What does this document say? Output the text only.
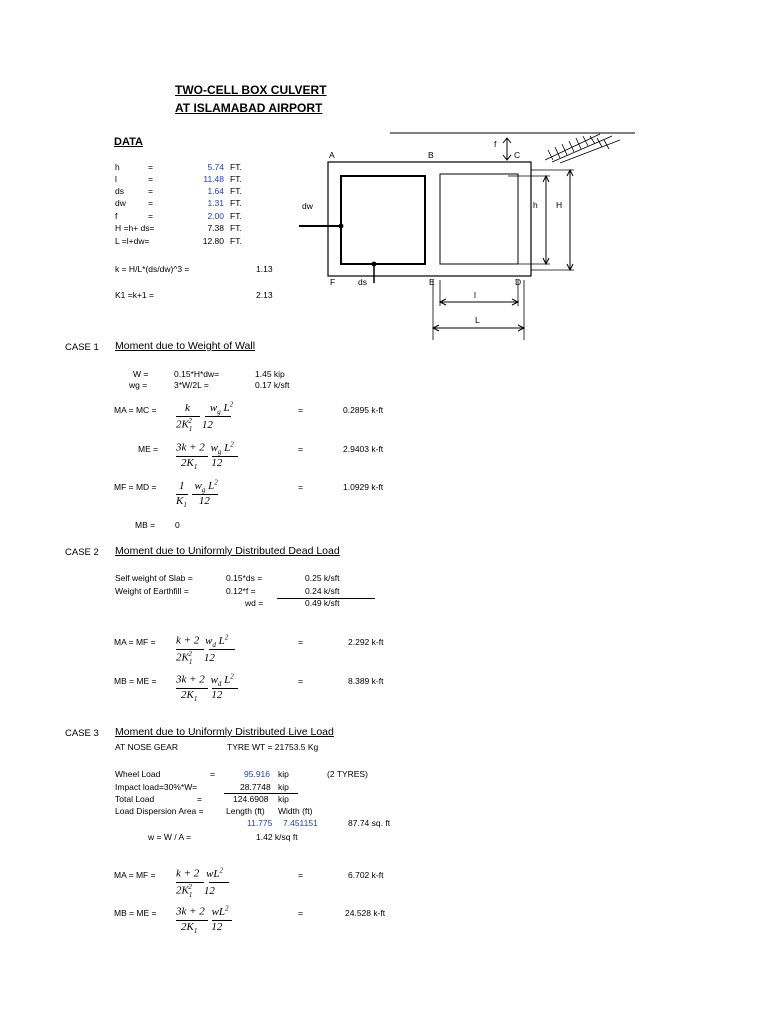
TWO-CELL BOX CULVERT
AT ISLAMABAD AIRPORT
DATA
h	=	5.74 FT.
l	=	11.48 FT.
ds	=	1.64 FT.
dw	=	1.31 FT.
f	=	2.00 FT.
H =h+ ds=	7.38 FT.
L =l+dw=	12.80 FT.
k = H/L*(ds/dw)^3 =	1.13
K1 =k+1 =	2.13
A	B	C
f
dw	h H
F	ds	E	D
l
L
CASE 1 Moment due to Weight of Wall
W =	0.15*H*dw=	1.45 kip
wg =	3*W/2L =	0.17 k/sft
MA = MC =	k $w_g$ $L^2$
$2K_1^2$ 12
=	0.2895 k-ft
ME = 3k + 2 $w_g$ $L^2$
$2K_1$ 12
=	2.9403 k-ft
MF = MD = 1 $w_g$ $L^2$
$K_1$ 12
=	1.0929 k-ft
MB = 0
CASE 2 Moment due to Uniformly Distributed Dead Load
Self weight of Slab =	0.15*ds =	0.25 k/sft
Weight of Earthfill =	0.12*f =	0.24 k/sft
wd =	0.49 k/sft
MA = MF = k + 2 $w_d$ $L^2$
$2K_1^2$ 12
=	2.292 k-ft
MB = ME = 3k + 2 $w_d$ $L^2$
$2K_1$ 12
=	8.389 k-ft
CASE 3 Moment due to Uniformly Distributed Live Load
AT NOSE GEAR	TYRE WT = 21753.5 Kg
Wheel Load	=	95.916 kip	(2 TYRES)
Impact load=30%*W=	28.7748 kip
Total Load	=	124.6908 kip
Load Dispersion Area =	Length (ft) Width (ft)
11.775 7.451151	87.74 sq. ft
w = W / A =	1.42 k/sq ft
MA = MF = k + 2 $wL^2$
$2K_1^2$ 12
=	6.702 k-ft
MB = ME = 3k + 2 $wL^2$
$2K_1$ 12
=	24.528 k-ft
